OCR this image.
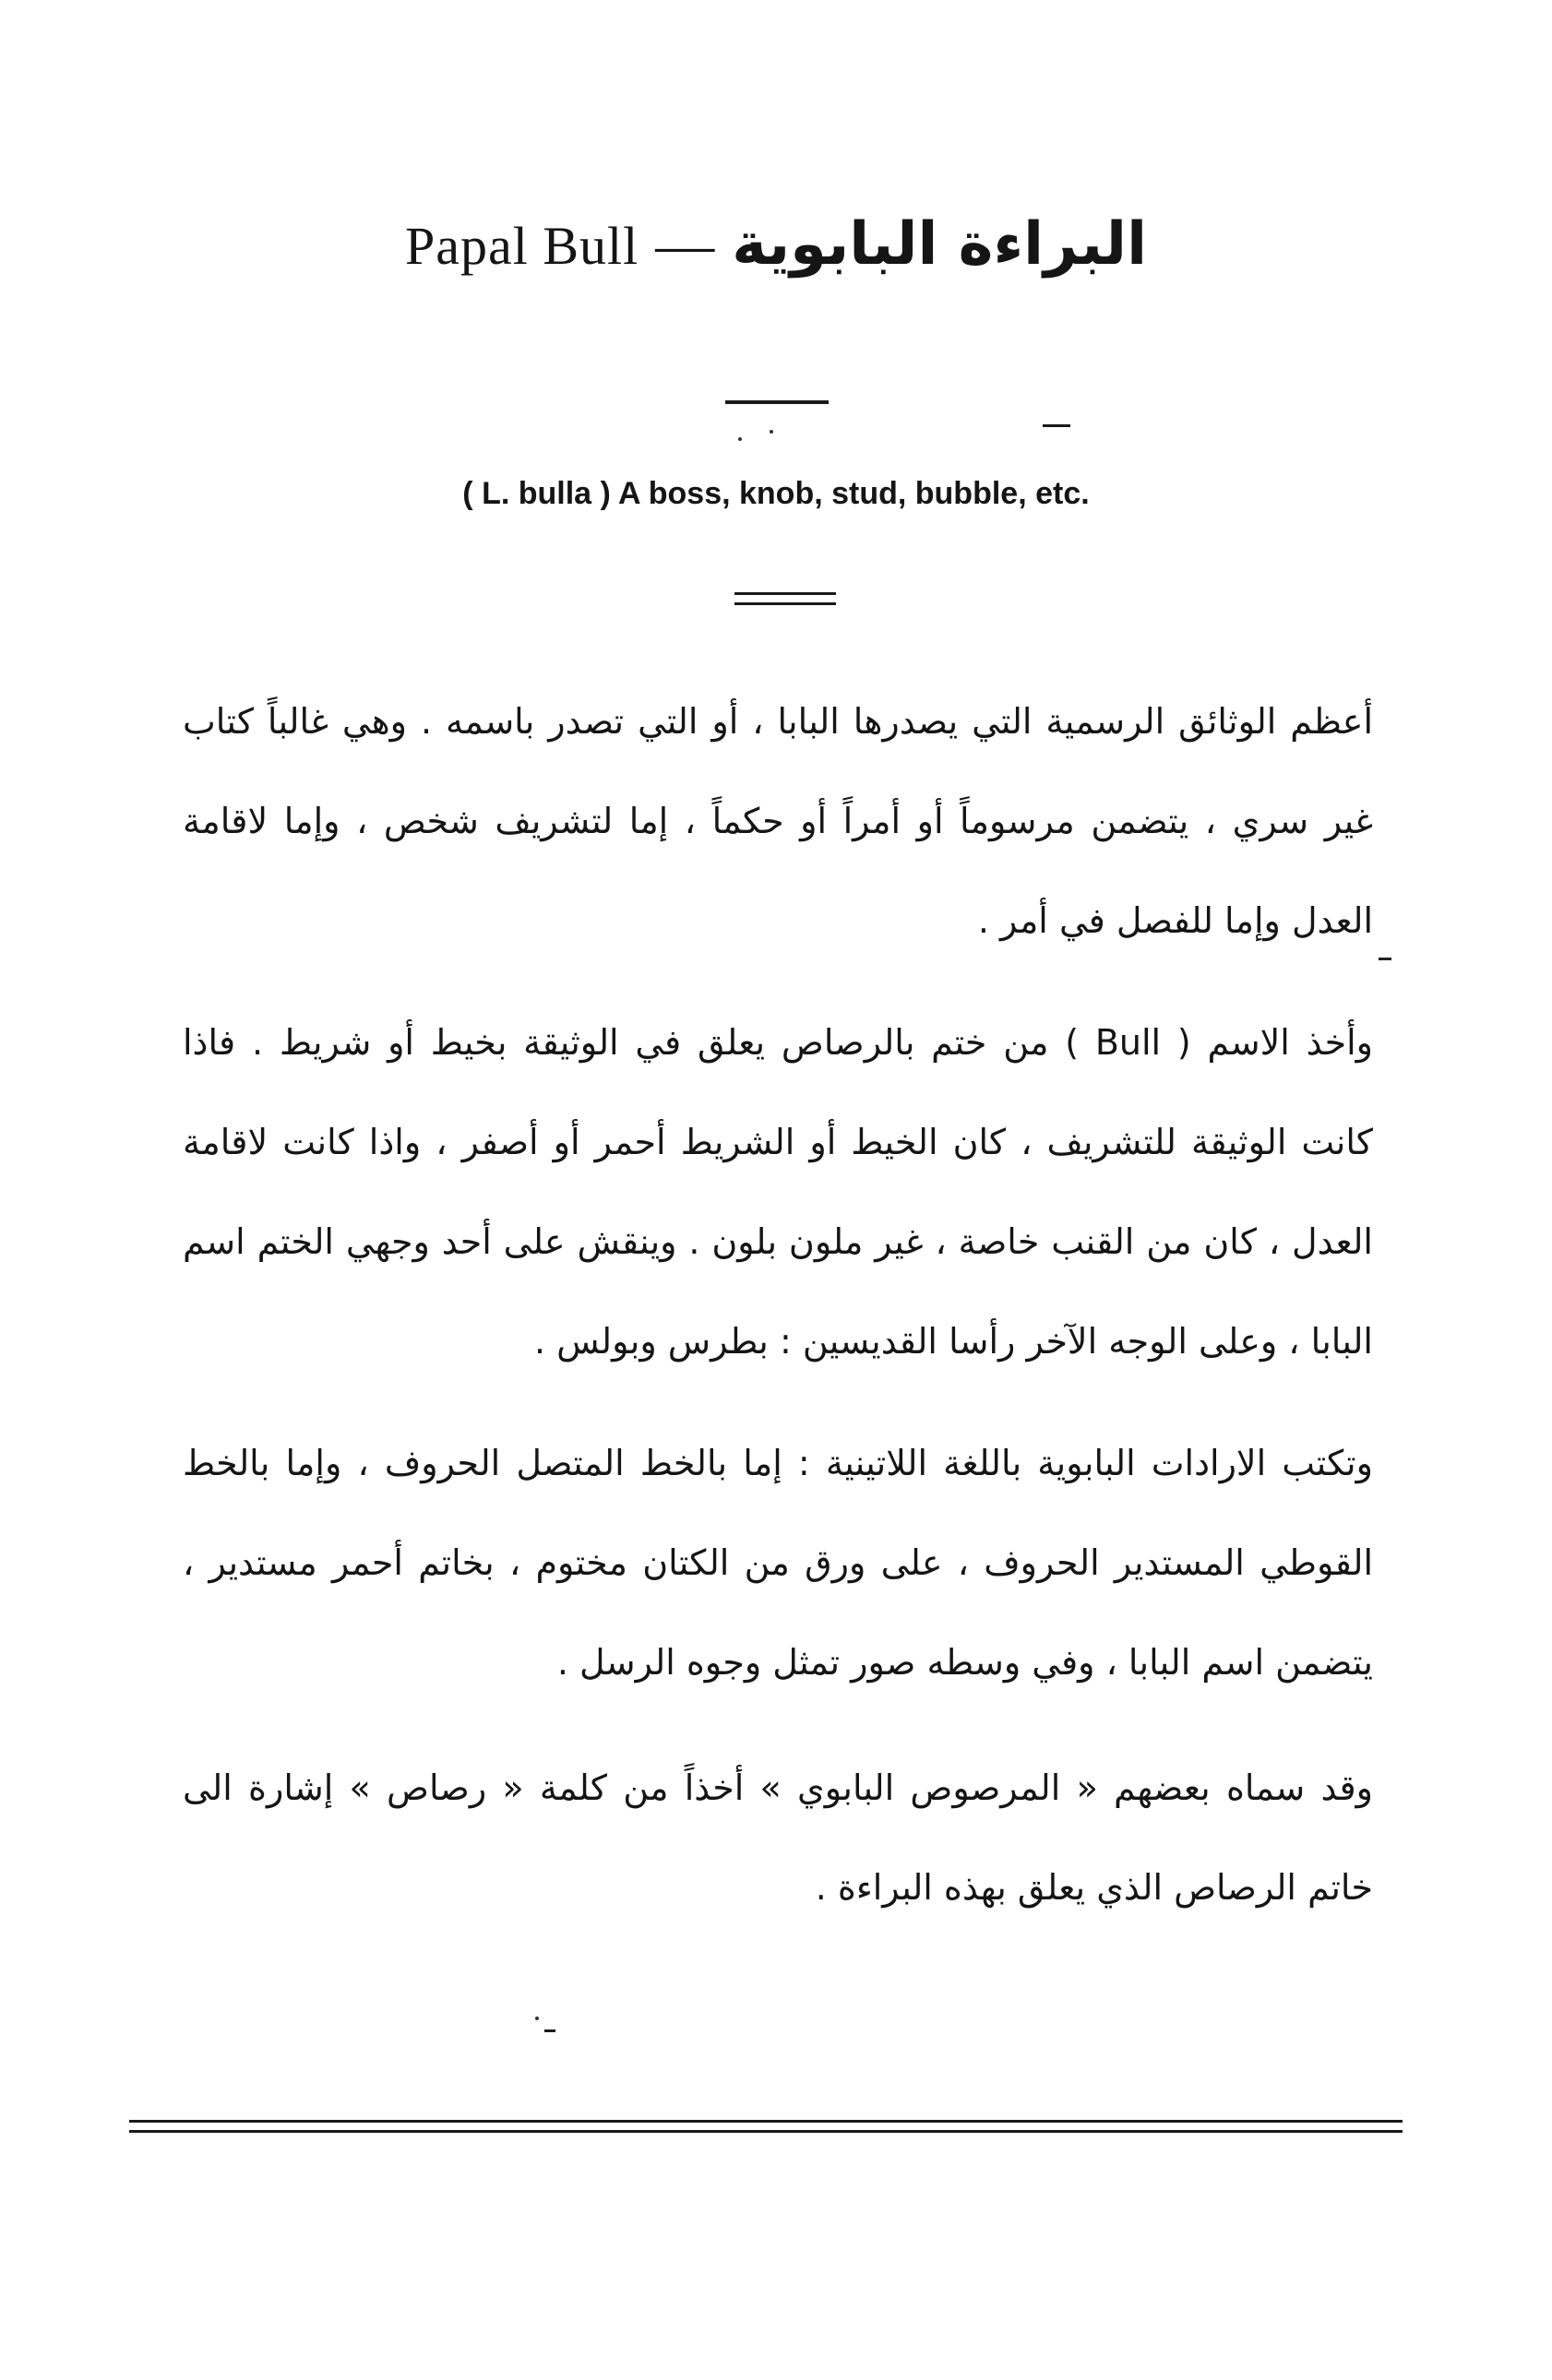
Papal Bull — البراءة البابوية
( L. bulla ) A boss, knob, stud, bubble, etc.

أعظم الوثائق الرسمية التي يصدرها البابا ، أو التي تصدر باسمه . وهي غالباً كتاب غير سري ، يتضمن مرسوماً أو أمراً أو حكماً ، إما لتشريف شخص ، وإما لاقامة العدل وإما للفصل في أمر .

وأخذ الاسم ( Bull ) من ختم بالرصاص يعلق في الوثيقة بخيط أو شريط . فاذا كانت الوثيقة للتشريف ، كان الخيط أو الشريط أحمر أو أصفر ، واذا كانت لاقامة العدل ، كان من القنب خاصة ، غير ملون بلون . وينقش على أحد وجهي الختم اسم البابا ، وعلى الوجه الآخر رأسا القديسين : بطرس وبولس .

وتكتب الارادات البابوية باللغة اللاتينية : إما بالخط المتصل الحروف ، وإما بالخط القوطي المستدير الحروف ، على ورق من الكتان مختوم ، بخاتم أحمر مستدير ، يتضمن اسم البابا ، وفي وسطه صور تمثل وجوه الرسل .

وقد سماه بعضهم « المرصوص البابوي » أخذاً من كلمة « رصاص » إشارة الى خاتم الرصاص الذي يعلق بهذه البراءة .
